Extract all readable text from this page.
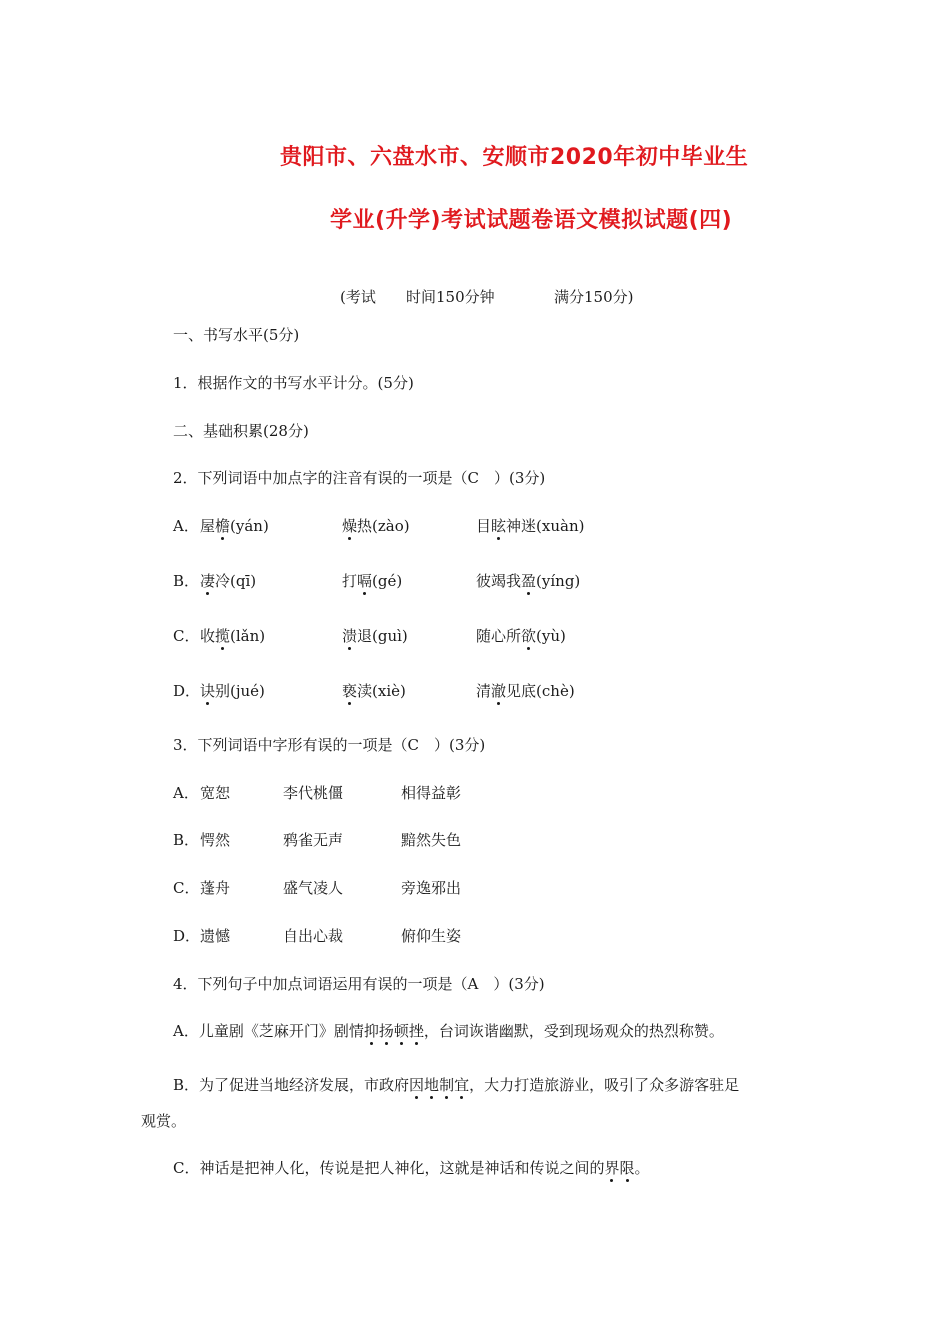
贵阳市、六盘水市、安顺市2020年初中毕业生
学业(升学)考试试题卷语文模拟试题(四)
(考试 时间150分钟	满分150分)
一、书写水平(5分)
1．根据作文的书写水平计分。(5分)
二、基础积累(28分)
2．下列词语中加点字的注音有误的一项是（C　）(3分)
A． 屋檐(yán)	燥热(zào)	目眩神迷(xuàn)
B． 凄冷(qī)	打嗝(gé)	彼竭我盈(yíng)
C． 收揽(lǎn)	溃退(guì)	随心所欲(yù)
D． 诀别(jué)	亵渎(xiè)	清澈见底(chè)
3．下列词语中字形有误的一项是（C　）(3分)
A． 宽恕	李代桃僵	相得益彰
B． 愕然	鸦雀无声	黯然失色
C． 蓬舟	盛气凌人	旁逸邪出
D． 遗憾	自出心裁	俯仰生姿
4．下列句子中加点词语运用有误的一项是（A　）(3分)
A．儿童剧《芝麻开门》剧情抑扬顿挫，台词诙谐幽默，受到现场观众的热烈称赞。
B．为了促进当地经济发展，市政府因地制宜，大力打造旅游业，吸引了众多游客驻足
观赏。
C．神话是把神人化，传说是把人神化，这就是神话和传说之间的界限。
